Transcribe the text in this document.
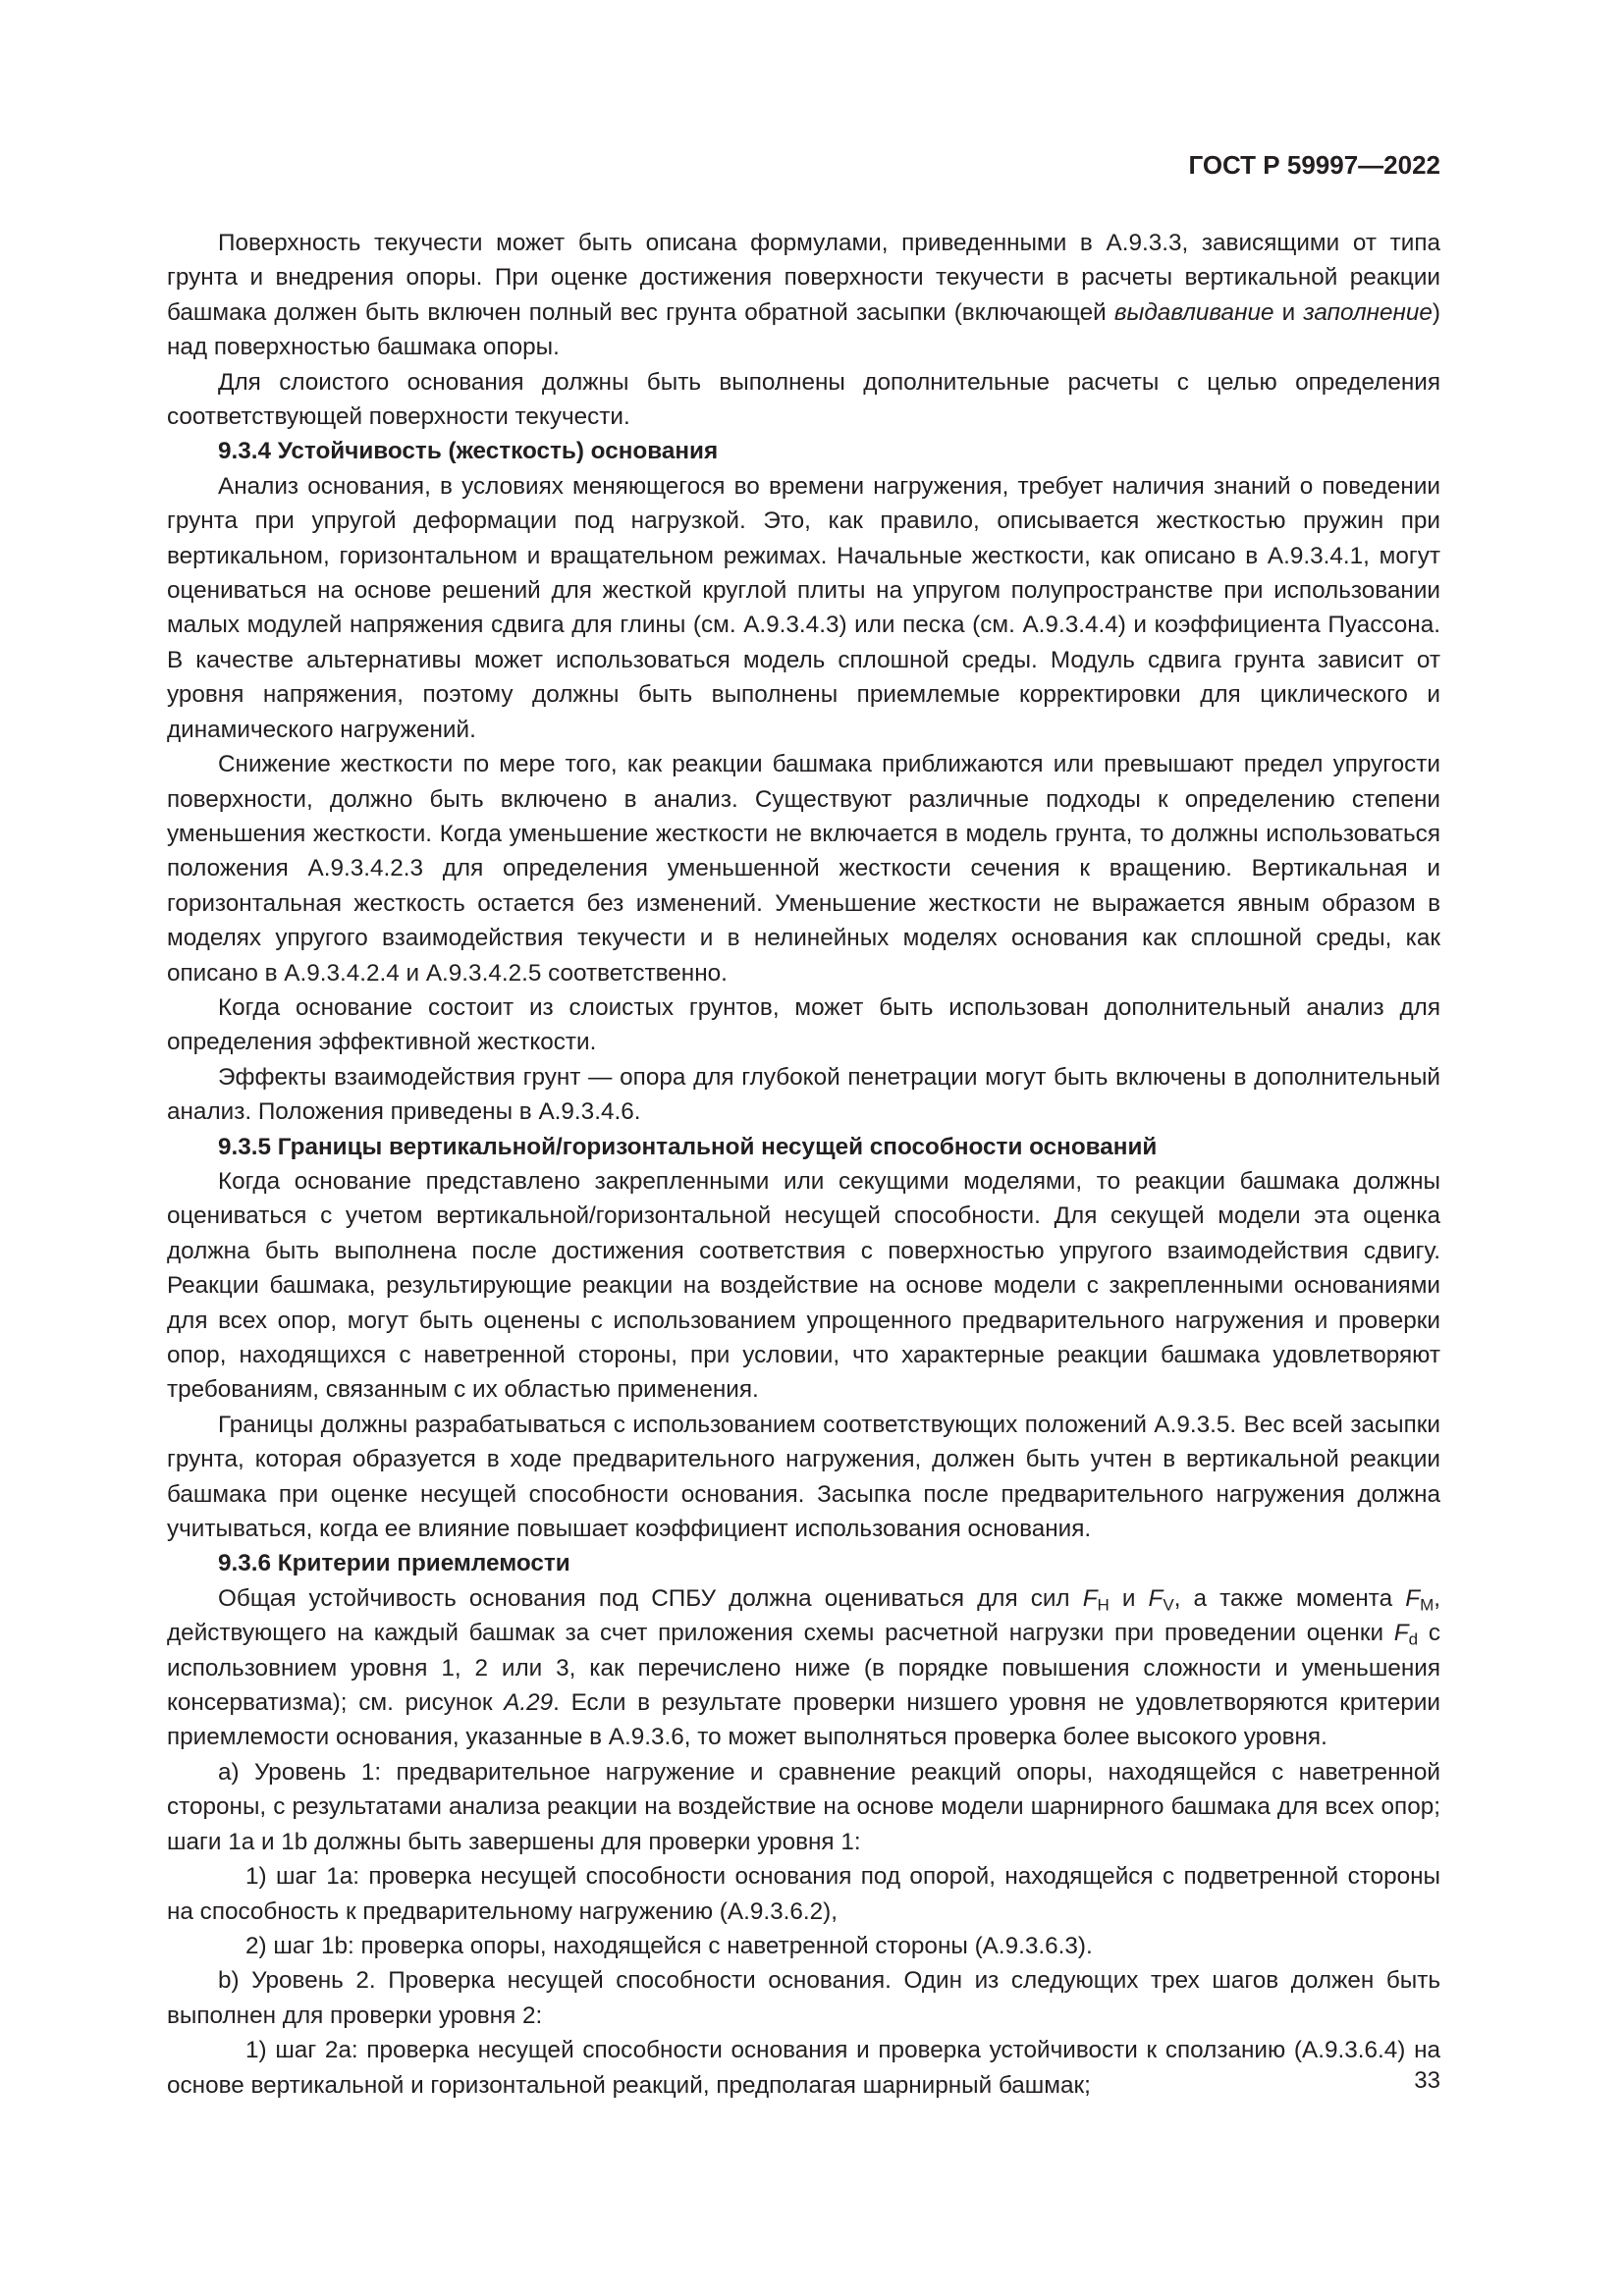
ГОСТ Р 59997—2022

Поверхность текучести может быть описана формулами, приведенными в А.9.3.3, зависящими от типа грунта и внедрения опоры. При оценке достижения поверхности текучести в расчеты вертикальной реакции башмака должен быть включен полный вес грунта обратной засыпки (включающей выдавливание и заполнение) над поверхностью башмака опоры.

Для слоистого основания должны быть выполнены дополнительные расчеты с целью определения соответствующей поверхности текучести.

9.3.4 Устойчивость (жесткость) основания

Анализ основания, в условиях меняющегося во времени нагружения, требует наличия знаний о поведении грунта при упругой деформации под нагрузкой. Это, как правило, описывается жесткостью пружин при вертикальном, горизонтальном и вращательном режимах. Начальные жесткости, как описано в А.9.3.4.1, могут оцениваться на основе решений для жесткой круглой плиты на упругом полупространстве при использовании малых модулей напряжения сдвига для глины (см. А.9.3.4.3) или песка (см. А.9.3.4.4) и коэффициента Пуассона. В качестве альтернативы может использоваться модель сплошной среды. Модуль сдвига грунта зависит от уровня напряжения, поэтому должны быть выполнены приемлемые корректировки для циклического и динамического нагружений.

Снижение жесткости по мере того, как реакции башмака приближаются или превышают предел упругости поверхности, должно быть включено в анализ. Существуют различные подходы к определению степени уменьшения жесткости. Когда уменьшение жесткости не включается в модель грунта, то должны использоваться положения А.9.3.4.2.3 для определения уменьшенной жесткости сечения к вращению. Вертикальная и горизонтальная жесткость остается без изменений. Уменьшение жесткости не выражается явным образом в моделях упругого взаимодействия текучести и в нелинейных моделях основания как сплошной среды, как описано в А.9.3.4.2.4 и А.9.3.4.2.5 соответственно.

Когда основание состоит из слоистых грунтов, может быть использован дополнительный анализ для определения эффективной жесткости.

Эффекты взаимодействия грунт — опора для глубокой пенетрации могут быть включены в дополнительный анализ. Положения приведены в А.9.3.4.6.

9.3.5 Границы вертикальной/горизонтальной несущей способности оснований

Когда основание представлено закрепленными или секущими моделями, то реакции башмака должны оцениваться с учетом вертикальной/горизонтальной несущей способности. Для секущей модели эта оценка должна быть выполнена после достижения соответствия с поверхностью упругого взаимодействия сдвигу. Реакции башмака, результирующие реакции на воздействие на основе модели с закрепленными основаниями для всех опор, могут быть оценены с использованием упрощенного предварительного нагружения и проверки опор, находящихся с наветренной стороны, при условии, что характерные реакции башмака удовлетворяют требованиям, связанным с их областью применения.

Границы должны разрабатываться с использованием соответствующих положений А.9.3.5. Вес всей засыпки грунта, которая образуется в ходе предварительного нагружения, должен быть учтен в вертикальной реакции башмака при оценке несущей способности основания. Засыпка после предварительного нагружения должна учитываться, когда ее влияние повышает коэффициент использования основания.

9.3.6 Критерии приемлемости

Общая устойчивость основания под СПБУ должна оцениваться для сил $F_H$ и $F_V$, а также момента $F_M$, действующего на каждый башмак за счет приложения схемы расчетной нагрузки при проведении оценки $F_d$ с использовнием уровня 1, 2 или 3, как перечислено ниже (в порядке повышения сложности и уменьшения консерватизма); см. рисунок А.29. Если в результате проверки низшего уровня не удовлетворяются критерии приемлемости основания, указанные в А.9.3.6, то может выполняться проверка более высокого уровня.

a) Уровень 1: предварительное нагружение и сравнение реакций опоры, находящейся с наветренной стороны, с результатами анализа реакции на воздействие на основе модели шарнирного башмака для всех опор; шаги 1a и 1b должны быть завершены для проверки уровня 1:

1) шаг 1a: проверка несущей способности основания под опорой, находящейся с подветренной стороны на способность к предварительному нагружению (А.9.3.6.2),

2) шаг 1b: проверка опоры, находящейся с наветренной стороны (А.9.3.6.3).

b) Уровень 2. Проверка несущей способности основания. Один из следующих трех шагов должен быть выполнен для проверки уровня 2:

1) шаг 2a: проверка несущей способности основания и проверка устойчивости к сползанию (А.9.3.6.4) на основе вертикальной и горизонтальной реакций, предполагая шарнирный башмак;	33
